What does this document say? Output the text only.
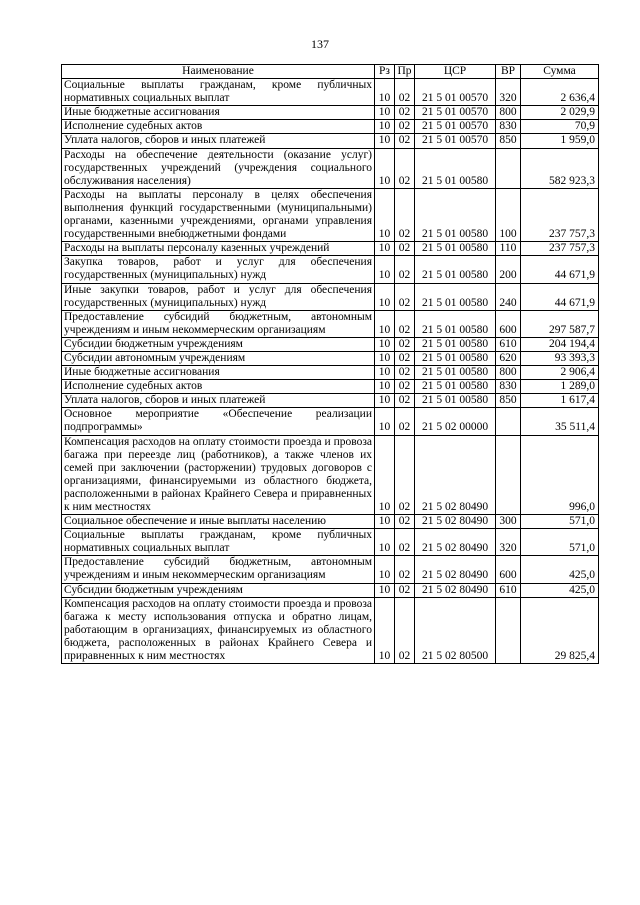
137
Наименование	Рз	Пр	ЦСР	ВР	Сумма
Социальные выплаты гражданам, кроме публичных нормативных социальных выплат	10	02	21 5 01 00570	320	2 636,4
Иные бюджетные ассигнования	10	02	21 5 01 00570	800	2 029,9
Исполнение судебных актов	10	02	21 5 01 00570	830	70,9
Уплата налогов, сборов и иных платежей	10	02	21 5 01 00570	850	1 959,0
Расходы на обеспечение деятельности (оказание услуг) государственных учреждений (учреждения социального обслуживания населения)	10	02	21 5 01 00580		582 923,3
Расходы на выплаты персоналу в целях обеспечения выполнения функций государственными (муниципальными) органами, казенными учреждениями, органами управления государственными внебюджетными фондами	10	02	21 5 01 00580	100	237 757,3
Расходы на выплаты персоналу казенных учреждений	10	02	21 5 01 00580	110	237 757,3
Закупка товаров, работ и услуг для обеспечения государственных (муниципальных) нужд	10	02	21 5 01 00580	200	44 671,9
Иные закупки товаров, работ и услуг для обеспечения государственных (муниципальных) нужд	10	02	21 5 01 00580	240	44 671,9
Предоставление субсидий бюджетным, автономным учреждениям и иным некоммерческим организациям	10	02	21 5 01 00580	600	297 587,7
Субсидии бюджетным учреждениям	10	02	21 5 01 00580	610	204 194,4
Субсидии автономным учреждениям	10	02	21 5 01 00580	620	93 393,3
Иные бюджетные ассигнования	10	02	21 5 01 00580	800	2 906,4
Исполнение судебных актов	10	02	21 5 01 00580	830	1 289,0
Уплата налогов, сборов и иных платежей	10	02	21 5 01 00580	850	1 617,4
Основное мероприятие «Обеспечение реализации подпрограммы»	10	02	21 5 02 00000		35 511,4
Компенсация расходов на оплату стоимости проезда и провоза багажа при переезде лиц (работников), а также членов их семей при заключении (расторжении) трудовых договоров с организациями, финансируемыми из областного бюджета, расположенными в районах Крайнего Севера и приравненных к ним местностях	10	02	21 5 02 80490		996,0
Социальное обеспечение и иные выплаты населению	10	02	21 5 02 80490	300	571,0
Социальные выплаты гражданам, кроме публичных нормативных социальных выплат	10	02	21 5 02 80490	320	571,0
Предоставление субсидий бюджетным, автономным учреждениям и иным некоммерческим организациям	10	02	21 5 02 80490	600	425,0
Субсидии бюджетным учреждениям	10	02	21 5 02 80490	610	425,0
Компенсация расходов на оплату стоимости проезда и провоза багажа к месту использования отпуска и обратно лицам, работающим в организациях, финансируемых из областного бюджета, расположенных в районах Крайнего Севера и приравненных к ним местностях	10	02	21 5 02 80500		29 825,4
